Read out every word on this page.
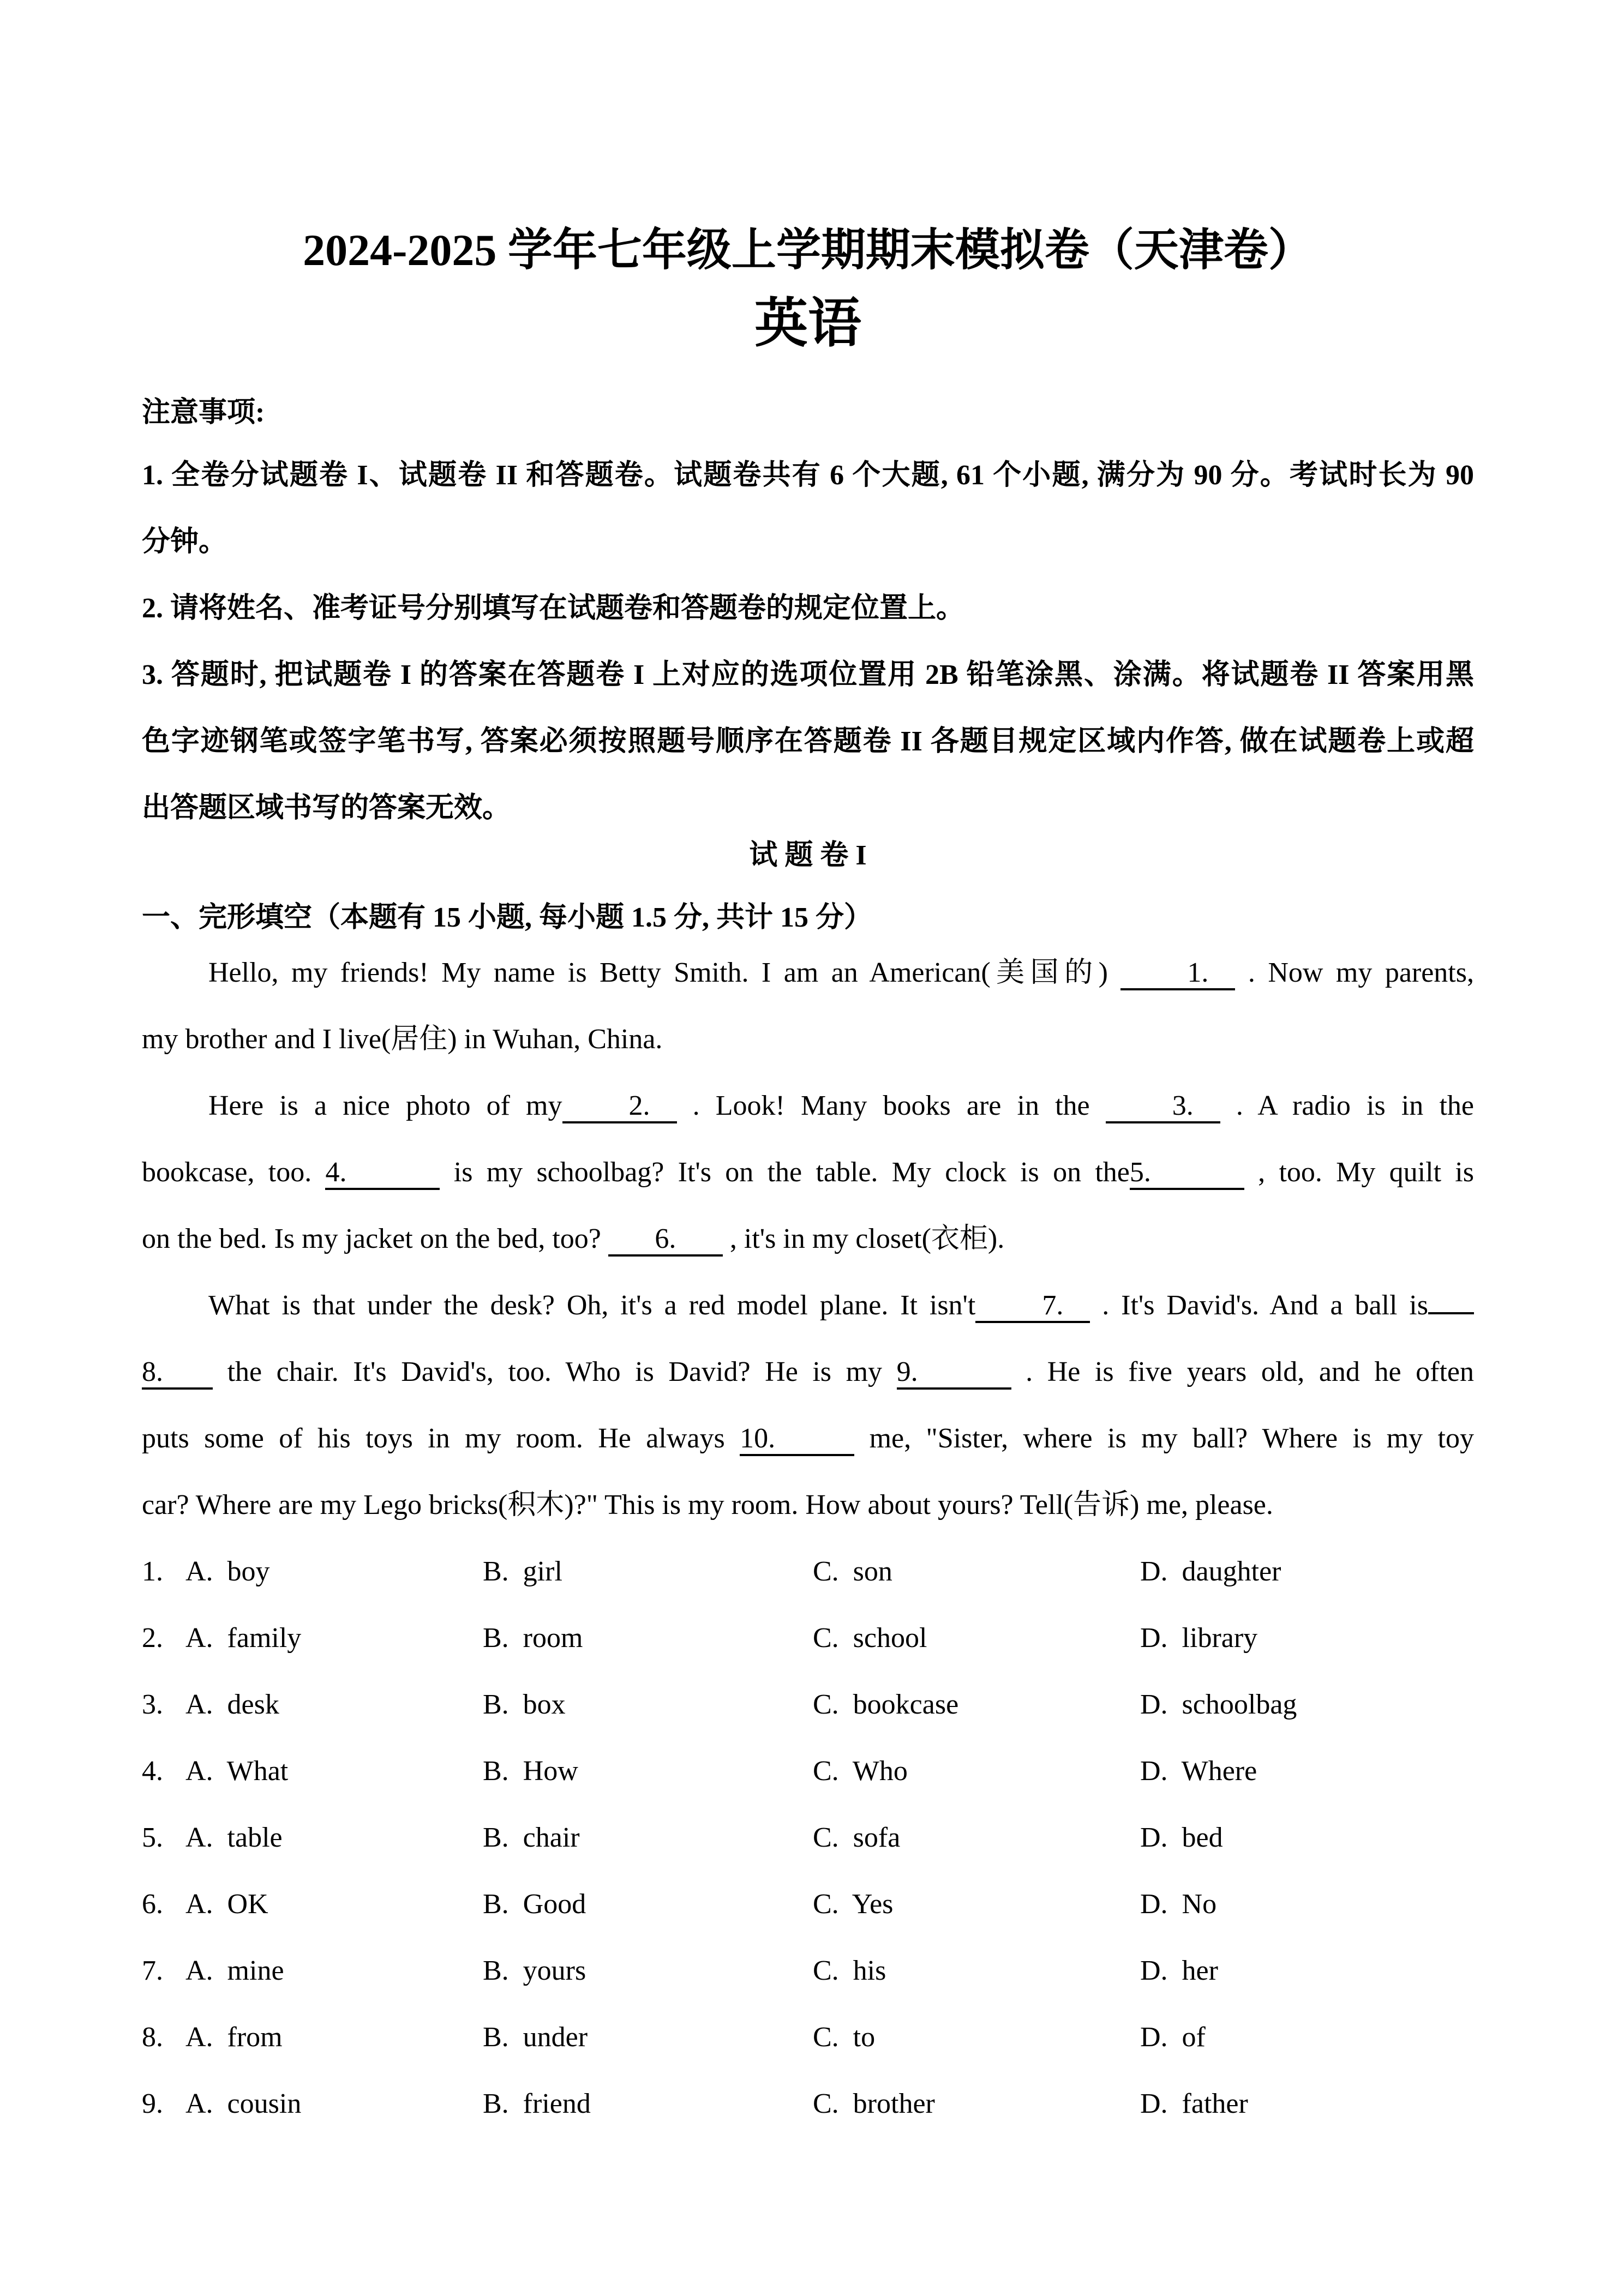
2024-2025 学年七年级上学期期末模拟卷（天津卷）
英语
注意事项:
1. 全卷分试题卷 I、试题卷 II 和答题卷。试题卷共有 6 个大题, 61 个小题, 满分为 90 分。考试时长为 90
分钟。
2. 请将姓名、准考证号分别填写在试题卷和答题卷的规定位置上。
3. 答题时, 把试题卷 I 的答案在答题卷 I 上对应的选项位置用 2B 铅笔涂黑、涂满。将试题卷 II 答案用黑
色字迹钢笔或签字笔书写, 答案必须按照题号顺序在答题卷 II 各题目规定区域内作答, 做在试题卷上或超
出答题区域书写的答案无效。
试 题 卷 I
一、完形填空（本题有 15 小题, 每小题 1.5 分, 共计 15 分）
Hello, my friends! My name is Betty Smith. I am an American(美国的) 1. . Now my parents,
my brother and I live(居住) in Wuhan, China.
Here is a nice photo of my 2. . Look! Many books are in the 3. . A radio is in the
bookcase, too. 4.	is my schoolbag? It's on the table. My clock is on the5.	, too. My quilt is
on the bed. Is my jacket on the bed, too? 6. , it's in my closet(衣柜).
What is that under the desk? Oh, it's a red model plane. It isn't 7. . It's David's. And a ball is
8. the chair. It's David's, too. Who is David? He is my 9.	. He is five years old, and he often
puts some of his toys in my room. He always 10.	me, "Sister, where is my ball? Where is my toy
car? Where are my Lego bricks(积木)?" This is my room. How about yours? Tell(告诉) me, please.
1. A.  boy	B.  girl	C.  son	D.  daughter
2. A.  family	B.  room	C.  school	D.  library
3. A.  desk	B.  box	C.  bookcase	D.  schoolbag
4. A.  What	B.  How	C.  Who	D.  Where
5. A.  table	B.  chair	C.  sofa	D.  bed
6. A.  OK	B.  Good	C.  Yes	D.  No
7. A.  mine	B.  yours	C.  his	D.  her
8. A.  from	B.  under	C.  to	D.  of
9. A.  cousin	B.  friend	C.  brother	D.  father
